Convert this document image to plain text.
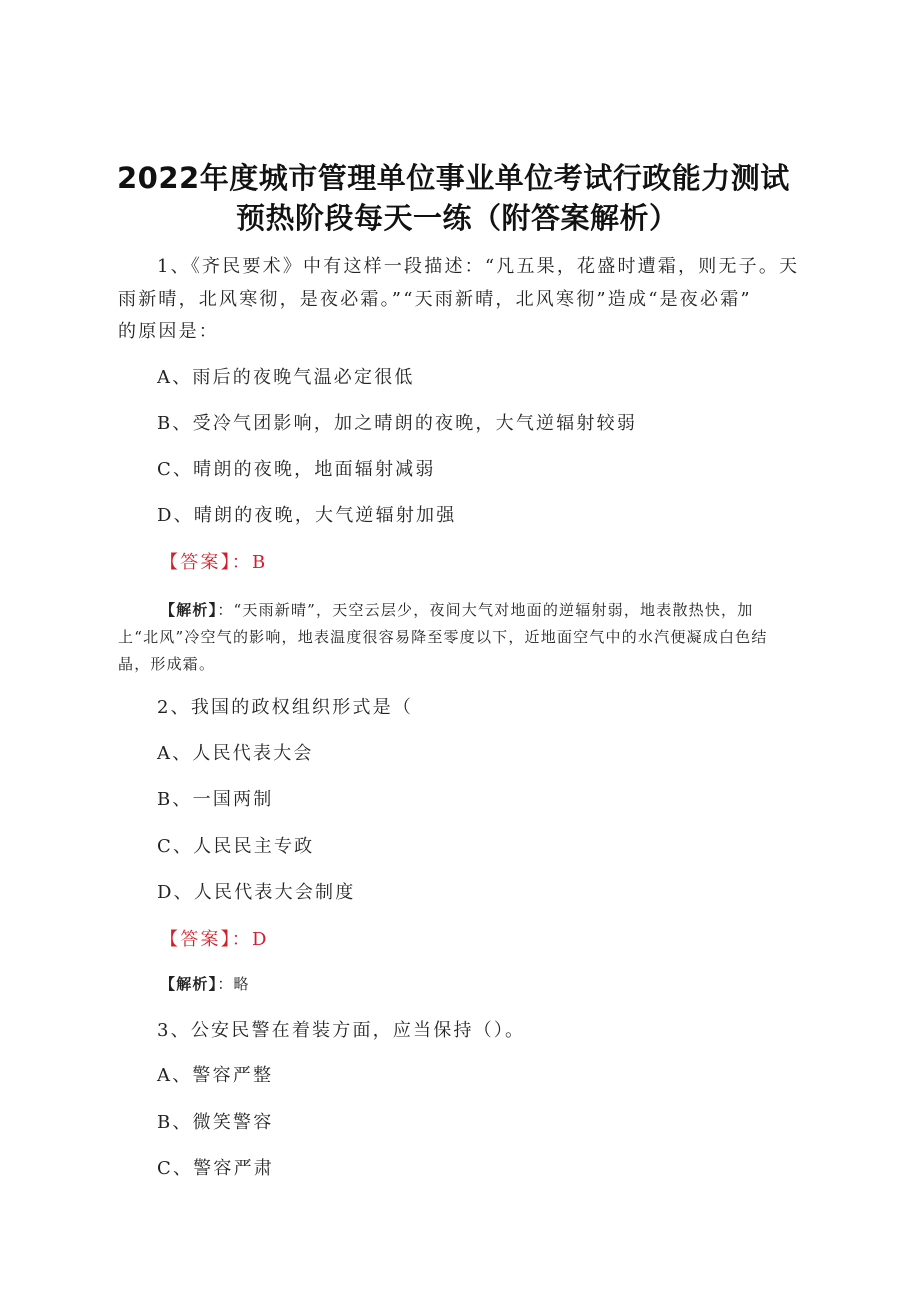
2022年度城市管理单位事业单位考试行政能力测试
预热阶段每天一练（附答案解析）
1、《齐民要术》中有这样一段描述：“凡五果，花盛时遭霜，则无子。天
雨新晴，北风寒彻，是夜必霜。”“天雨新晴，北风寒彻”造成“是夜必霜”
的原因是：
A、雨后的夜晚气温必定很低
B、受冷气团影响，加之晴朗的夜晚，大气逆辐射较弱
C、晴朗的夜晚，地面辐射减弱
D、晴朗的夜晚，大气逆辐射加强
【答案】：B
【解析】：“天雨新晴”，天空云层少，夜间大气对地面的逆辐射弱，地表散热快，加
上“北风”冷空气的影响，地表温度很容易降至零度以下，近地面空气中的水汽便凝成白色结
晶，形成霜。
2、我国的政权组织形式是（
A、人民代表大会
B、一国两制
C、人民民主专政
D、人民代表大会制度
【答案】：D
【解析】：略
3、公安民警在着装方面，应当保持（）。
A、警容严整
B、微笑警容
C、警容严肃
